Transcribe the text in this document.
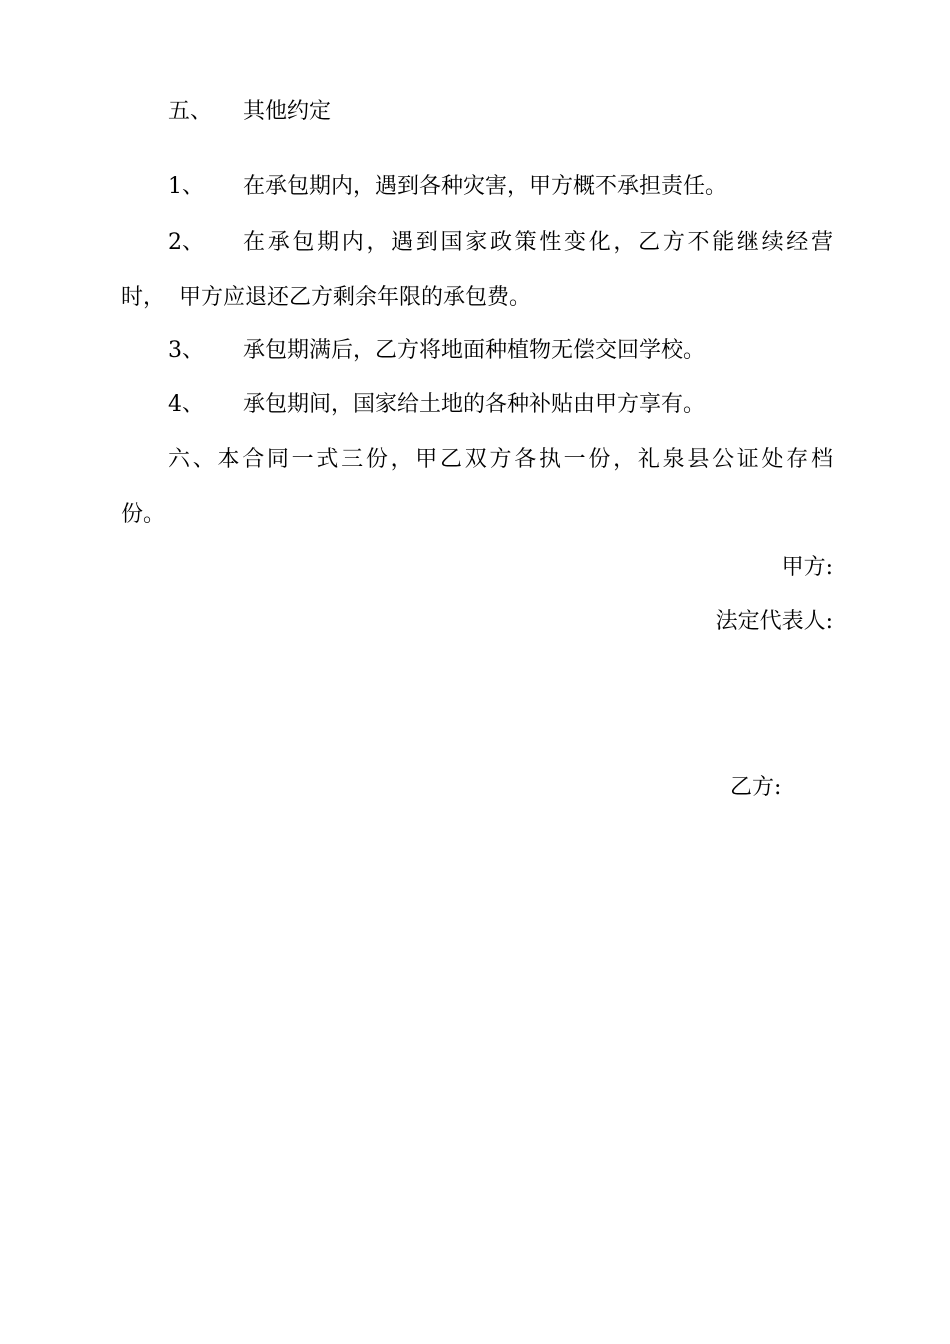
五、 其他约定
1、 在承包期内，遇到各种灾害，甲方概不承担责任。
2、 在承包期内，遇到国家政策性变化，乙方不能继续经营
时，  甲方应退还乙方剩余年限的承包费。
3、 承包期满后，乙方将地面种植物无偿交回学校。
4、 承包期间，国家给土地的各种补贴由甲方享有。
六、本合同一式三份，甲乙双方各执一份，礼泉县公证处存档
份。
甲方:
法定代表人:
乙方:
